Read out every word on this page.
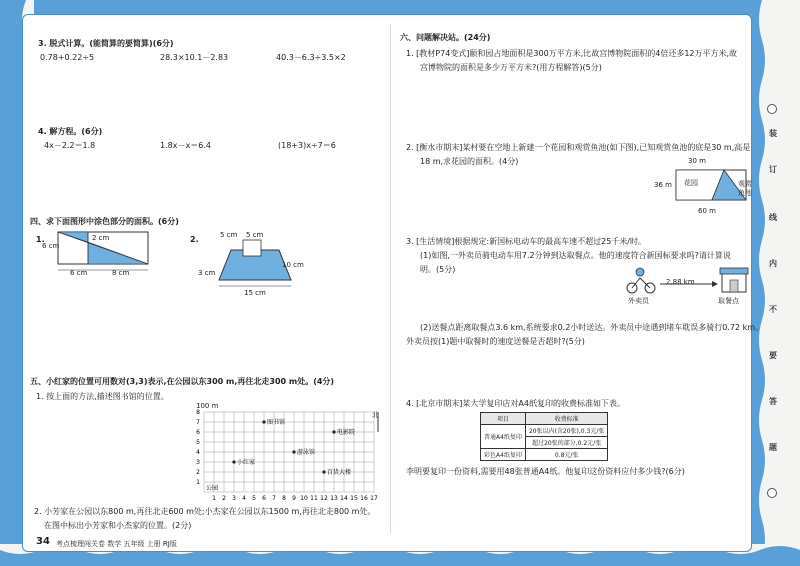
3. 脱式计算。(能简算的要简算)(6分)
0.78+0.22÷5	28.3×10.1－2.83	40.3－6.3÷3.5×2
4. 解方程。(6分)
4x－2.2＝1.8	1.8x－x＝6.4	(18+3)x÷7＝6
四、求下面图形中涂色部分的面积。(6分)
1.
6 cm
2 cm
6 cm	8 cm
2.	5 cm 5 cm
3 cm
10 cm
15 cm
五、小红家的位置可用数对(3,3)表示,在公园以东300 m,再往北走300 m处。(4分)
1. 按上面的方法,描述图书馆的位置。
1 2 3 4 5 6 7 8 9 10 11 12 13 14 15 16 17
1
2
3
4
5
6
7
8
公园
图书馆
电影院
游泳馆
小红家
百货大楼
100 m
北
2. 小芳家在公园以东800 m,再往北走600 m处;小杰家在公园以东1500 m,再往北走800 m处。
在图中标出小芳家和小杰家的位置。(2分)
34 考点梳理闯关卷 数学 五年级 上册 RJ版
六、问题解决站。(24分)
1. [教材P74变式]颐和园占地面积是300万平方米,比故宫博物院面积的4倍还多12万平方米,故
宫博物院的面积是多少万平方米?(用方程解答)(5分)
2. [衡水市期末]某村要在空地上新建一个花园和观赏鱼池(如下图),已知观赏鱼池的底是30 m,高是
18 m,求花园的面积。(4分)	30 m
36 m
60 m
花园	观赏鱼池
3. [生活情境]根据规定:新国标电动车的最高车速不超过25千米/时。
(1)如图,一外卖员骑电动车用7.2分钟到达取餐点。他的速度符合新国标要求吗?请计算说
明。(5分)
2.88 km
外卖员	取餐点
(2)送餐点距离取餐点3.6 km,系统要求0.2小时送达。外卖员中途遇到堵车耽误多骑行0.72 km。
外卖员按(1)题中取餐时的速度送餐是否超时?(5分)
4. [北京市期末]某大学复印店对A4纸复印的收费标准如下表。
项目	收费标准
普通A4纸复印	20张以内(含20张),0.3元/张
	超过20张的部分,0.2元/张
彩色A4纸复印	0.8元/张
李明要复印一份资料,需要用48张普通A4纸。他复印这份资料应付多少钱?(6分)
装
订
线
内
不
要
答
题
